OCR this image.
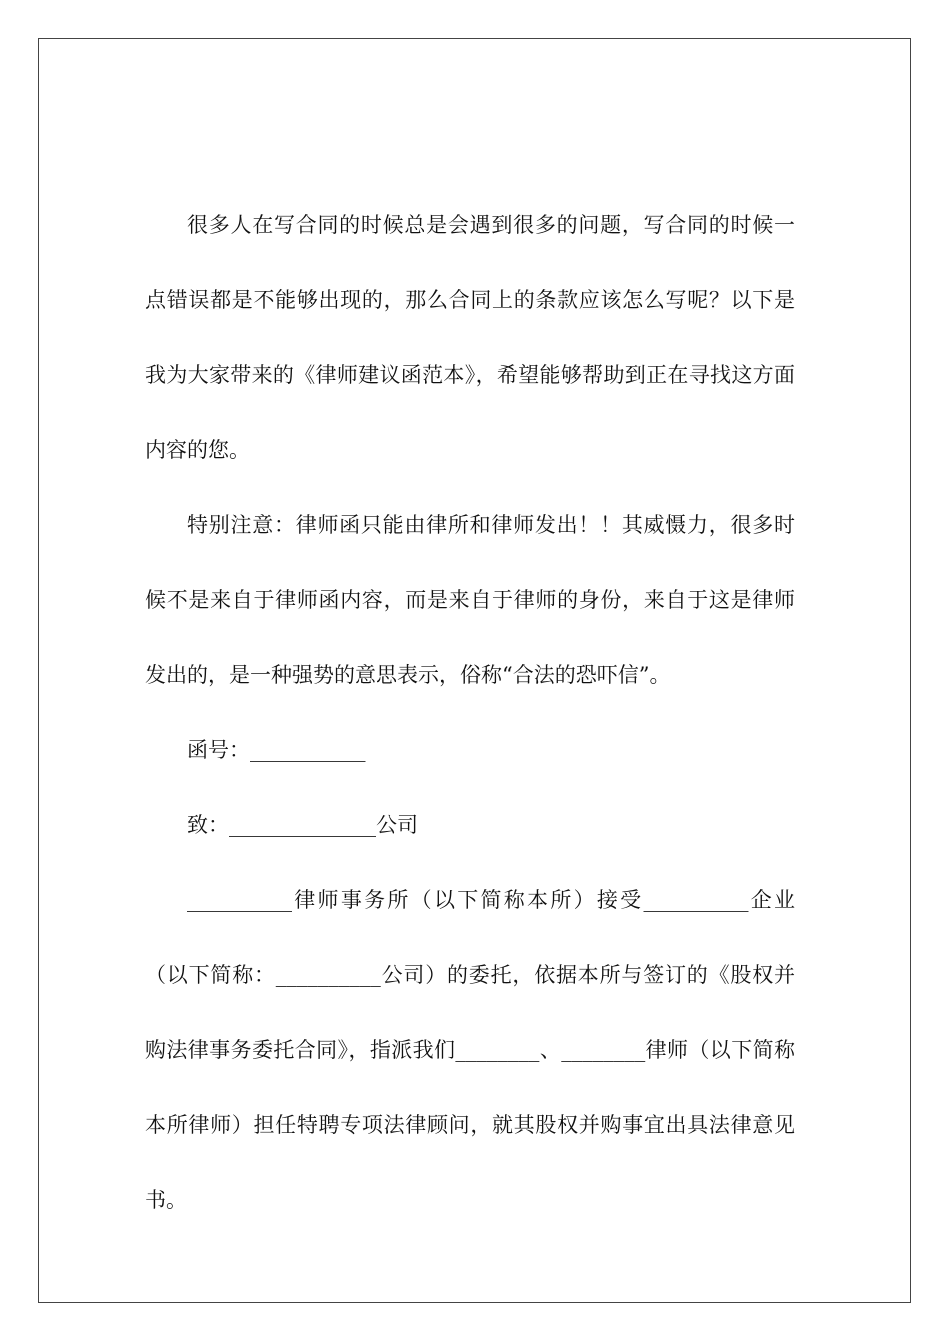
很多人在写合同的时候总是会遇到很多的问题，写合同的时候一点错误都是不能够出现的，那么合同上的条款应该怎么写呢？以下是我为大家带来的《律师建议函范本》，希望能够帮助到正在寻找这方面内容的您。

特别注意：律师函只能由律所和律师发出！！其威慑力，很多时候不是来自于律师函内容，而是来自于律师的身份，来自于这是律师发出的，是一种强势的意思表示，俗称“合法的恐吓信”。

函号：___________

致：______________公司

__________律师事务所（以下简称本所）接受__________企业（以下简称：__________公司）的委托，依据本所与签订的《股权并购法律事务委托合同》，指派我们________、________律师（以下简称本所律师）担任特聘专项法律顾问，就其股权并购事宜出具法律意见书。
